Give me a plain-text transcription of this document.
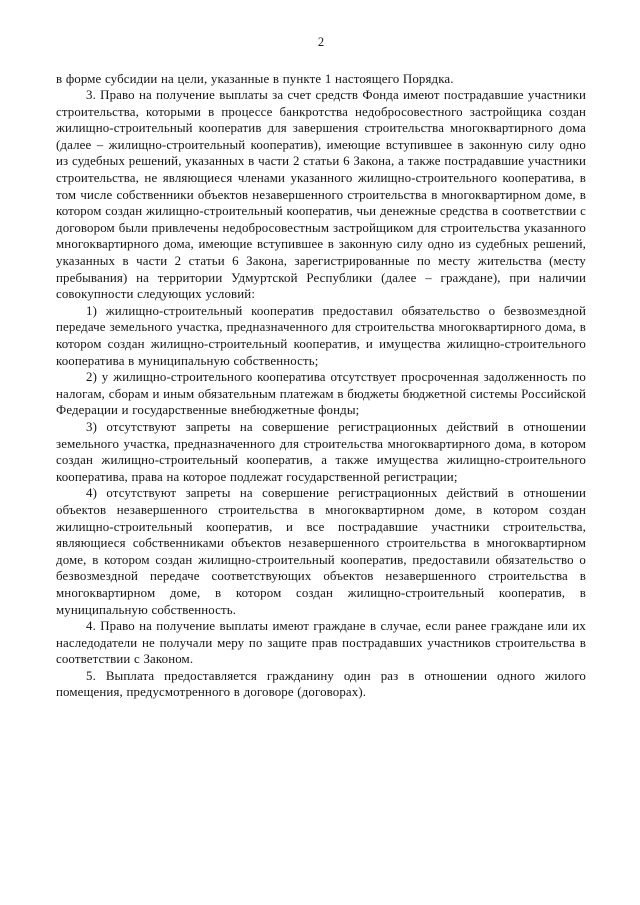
2

в форме субсидии на цели, указанные в пункте 1 настоящего Порядка.

3. Право на получение выплаты за счет средств Фонда имеют пострадавшие участники строительства, которыми в процессе банкротства недобросовестного застройщика создан жилищно-строительный кооператив для завершения строительства многоквартирного дома (далее – жилищно-строительный кооператив), имеющие вступившее в законную силу одно из судебных решений, указанных в части 2 статьи 6 Закона, а также пострадавшие участники строительства, не являющиеся членами указанного жилищно-строительного кооператива, в том числе собственники объектов незавершенного строительства в многоквартирном доме, в котором создан жилищно-строительный кооператив, чьи денежные средства в соответствии с договором были привлечены недобросовестным застройщиком для строительства указанного многоквартирного дома, имеющие вступившее в законную силу одно из судебных решений, указанных в части 2 статьи 6 Закона, зарегистрированные по месту жительства (месту пребывания) на территории Удмуртской Республики (далее – граждане), при наличии совокупности следующих условий:

1) жилищно-строительный кооператив предоставил обязательство о безвозмездной передаче земельного участка, предназначенного для строительства многоквартирного дома, в котором создан жилищно-строительный кооператив, и имущества жилищно-строительного кооператива в муниципальную собственность;

2) у жилищно-строительного кооператива отсутствует просроченная задолженность по налогам, сборам и иным обязательным платежам в бюджеты бюджетной системы Российской Федерации и государственные внебюджетные фонды;

3) отсутствуют запреты на совершение регистрационных действий в отношении земельного участка, предназначенного для строительства многоквартирного дома, в котором создан жилищно-строительный кооператив, а также имущества жилищно-строительного кооператива, права на которое подлежат государственной регистрации;

4) отсутствуют запреты на совершение регистрационных действий в отношении объектов незавершенного строительства в многоквартирном доме, в котором создан жилищно-строительный кооператив, и все пострадавшие участники строительства, являющиеся собственниками объектов незавершенного строительства в многоквартирном доме, в котором создан жилищно-строительный кооператив, предоставили обязательство о безвозмездной передаче соответствующих объектов незавершенного строительства в многоквартирном доме, в котором создан жилищно-строительный кооператив, в муниципальную собственность.

4. Право на получение выплаты имеют граждане в случае, если ранее граждане или их наследодатели не получали меру по защите прав пострадавших участников строительства в соответствии с Законом.

5. Выплата предоставляется гражданину один раз в отношении одного жилого помещения, предусмотренного в договоре (договорах).
